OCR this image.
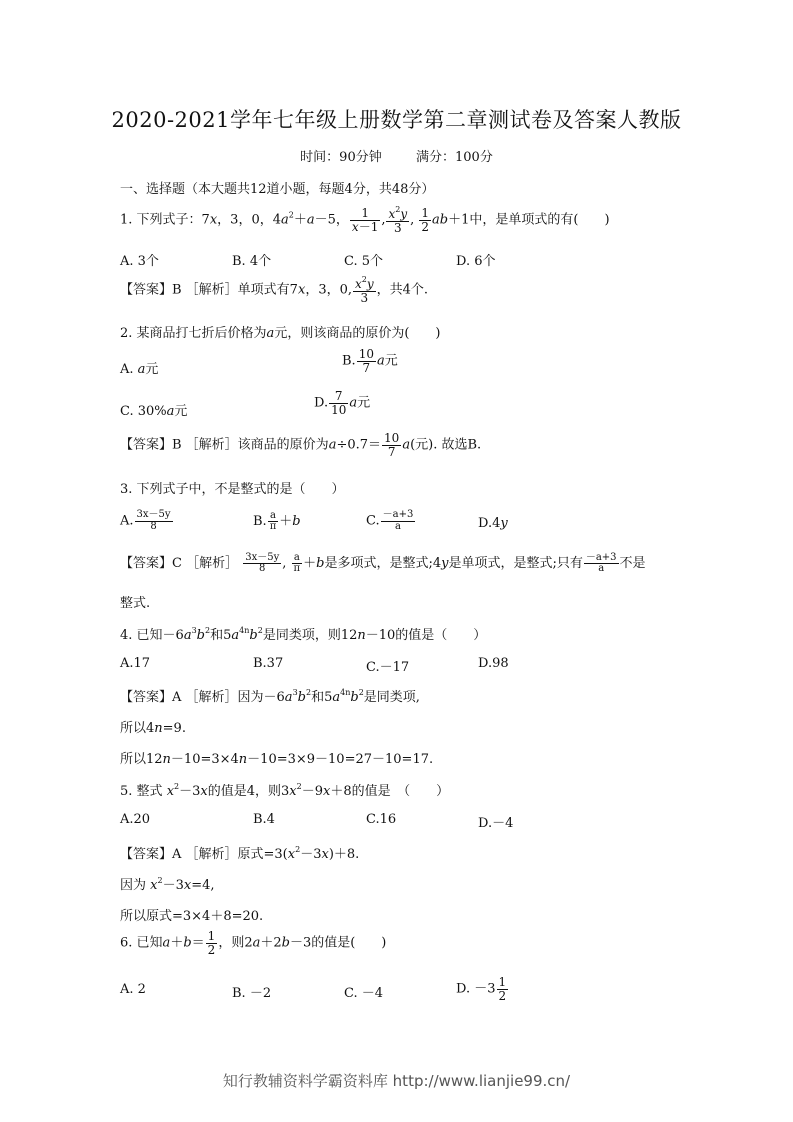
2020-2021学年七年级上册数学第二章测试卷及答案人教版
时间：90分钟	满分：100分
一、选择题（本大题共12道小题，每题4分，共48分）
1. 下列式子：7x，3，0，$4a^2+a-5$， $\frac{1}{x-1}$ , $\frac{x^2y}{3}$ , $\frac{1}{2} ab+1$中，是单项式的有(　　)
A. 3个	B. 4个	C. 5个	D. 6个
【答案】B ［解析］单项式有7x，3，0, $\frac{x^2y}{3}$ ，共4个.
2. 某商品打七折后价格为a元，则该商品的原价为(　　)
A. a元
B. $\frac{10}{7}$ a元
C. 30%a元
D. $\frac{7}{10}$ a元
【答案】B ［解析］该商品的原价为$a\div 0.7= \frac{10}{7} a$(元). 故选B.
3. 下列式子中，不是整式的是（　　）
A. $\frac{3x-5y}{8}$	B. $\frac{a}{\pi} +b$	C. $\frac{-a+3}{a}$	D.4y
【答案】C ［解析］ $\frac{3x-5y}{8}$ , $\frac{a}{\pi} +b$是多项式，是整式;4y是单项式，是整式;只有 $\frac{-a+3}{a}$ 不是
整式.
4. 已知$-6a^3b^2$和$5a^{4n}b^2$是同类项，则12n－10的值是（　　）
A.17	B.37	C.－17	D.98
【答案】A ［解析］因为$-6a^3b^2$和$5a^{4n}b^2$是同类项,
所以4n=9.
所以12n－10=3×4n－10=3×9－10=27－10=17.
5. 整式 $x^2-3x$的值是4，则$3x^2-9x+8$的值是　（　　）
A.20	B.4	C.16	D.－4
【答案】A ［解析］原式$=3(x^2-3x)+8$.
因为 $x^2-3x=4$,
所以原式=3×4＋8=20.
6. 已知$a+b= \frac{1}{2}$ ，则2a＋2b－3的值是(　　)
A. 2	B. －2	C. －4	D. $-3 \frac{1}{2}$
知行教辅资料学霸资料库 http://www.lianjie99.cn/
